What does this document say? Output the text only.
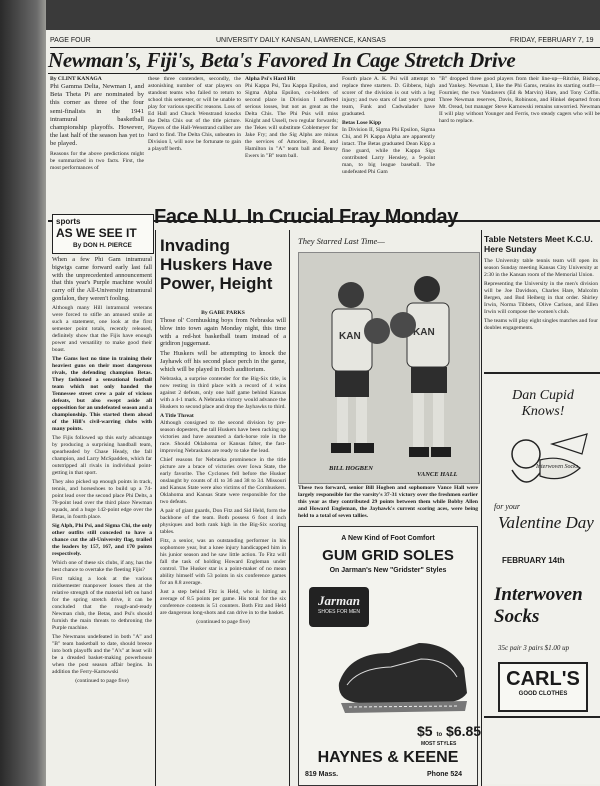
PAGE FOUR	UNIVERSITY DAILY KANSAN, LAWRENCE, KANSAS	FRIDAY, FEBRUARY 7, 19
Newman's, Fiji's, Beta's Favored In Cage Stretch Drive
By CLINT KANAGA

Phi Gamma Delta, Newman I, and Beta Theta Pi are nominated by this corner as three of the four semi-finalists in the 1941 intramural basketball championship playoffs. However, the last half of the season has yet to be played.

Reasons for the above predictions might be summarized in two facts. First, the most performances of

these three contenders, secondly, the astonishing number of star players on standout teams who failed to return to school this semester, or will be unable to play for various specific reasons. Loss of Ed Hall and Chuck Wenstrand knocks the Delta Chis out of the title picture. Players of the Hall-Wenstrand caliber are hard to find. The Delta Chis, unbeaten in Division I, will now be fortunate to gain a playoff berth.

Alpha Psi's Hard Hit

Phi Kappa Psi, Tau Kappa Epsilon, and Sigma Alpha Epsilon, co-holders of second place in Division I suffered serious losses, but not as great as the Delta Chis. The Phi Psis will miss Knight and Ussell, two regular forwards; the Tekes will substitute Coblemeyer for Jake Fry; and the Sig Alphs are minus the services of Amorine, Bond, and Hamilton in "A" team ball and Benny Ewers in "B" team ball.

Fourth place A. K. Psi will attempt to replace three starters. D. Gibbens, high scorer of the division is out with a leg injury; and two stars of last year's great team, Funk and Cadwalader have graduated.

Betas Lose Kipp

In Division II, Sigma Phi Epsilon, Sigma Chi, and Pi Kappa Alpha are apparently intact. The Betas graduated Dean Kipp a fine guard, while the Kappa Sigs contributed Larry Hensley, a 9-point man, to big league baseball. The undefeated Phi Gam

"B" dropped three good players from their line-up—Ritchie, Bishop, and Yankey. Newman I, like the Phi Gams, retains its starting outfit—Fournier, the two Vandavers (Ed & Marvin) Hare, and Tony Coffin. Three Newman reserves, Davis, Robinson, and Hinkel departed from Mt. Oread, but manager Steve Karnowski remains unworried. Newman II will play without Younger and Ferris, two steady cagers who will be hard to replace.

Face N.U. In Crucial Fray Monday
sports
AS WE SEE IT
By DON H. PIERCE

When a few Phi Gam intramural bigwigs came forward early last fall with the unprecedented announcement that this year's Purple machine would carry off the All-University intramural gonfalon, they weren't fooling.

Although many Hill intramural veterans were forced to stifle an amused smile at such a statement, one look at the first semester point totals, recently released, definitely show that the Fijis have enough power and versatility to make good their boast.

The Gams lost no time in training their heaviest guns on their most dangerous rivals, the defending champion Betas. They fashioned a sensational football team which not only handed the Tennessee street crew a pair of vicious defeats, but also swept aside all opposition for an undefeated season and a championship. This started them ahead of the Hill's civil-warring clubs with many points.

The Fijis followed up this early advantage by producing a surprising handball team, spearheaded by Chase Heady, the fall champion, and Larry McSpadden, which far outstripped all rivals in individual point-getting in that sport.

They also picked up enough points in track, tennis, and horseshoes to build up a 74-point lead over the second place Phi Delts, a 78-point lead over the third place Newman squads, and a huge 142-point edge over the Betas, in fourth place.

Sig Alph, Phi Psi, and Sigma Chi, the only other outfits still conceded to have a chance cut the all-University flag, trailed the leaders by 157, 167, and 170 points respectively.

Which one of these six clubs, if any, has the best chance to overtake the fleeting Fijis?

First taking a look at the various midsemester manpower losses then at the relative strength of the material left on hand for the spring stretch drive, it can be concluded that the rough-and-ready Newman club, the Betas, and Psi's should furnish the main threats to dethroning the Purple machine.

The Newmans undefeated in both "A" and "B" team basketball to date, should breeze into both playoffs and the "A's" at least will be a dreaded basket-making powerhouse when the post season affair begins. In addition the Ferry-Karnowski

(continued to page five)

Invading Huskers Have Power, Height
By GABE PARKS

Those ol' Cornhusking boys from Nebraska will blow into town again Monday night, this time with a red-hot basketball team instead of a gridiron juggernaut.

The Huskers will be attempting to knock the Jayhawk off his second place perch in the game, which will be played in Hoch auditorium.

Nebraska, a surprise contender for the Big-Six title, is now resting in third place with a record of 4 wins against 2 defeats, only one half game behind Kansas with a 4-1 mark. A Nebraska victory would advance the Huskers to second place and drop the Jayhawks to third.

A Title Threat

Although consigned to the second division by pre-season dopesters, the tall Huskers have been racking up victories and have assumed a dark-horse role in the race. Should Oklahoma or Kansas falter, the fast-improving Nebraskans are ready to take the lead.

Chief reasons for Nebraska prominence in the title picture are a brace of victories over Iowa State, the early favorite. The Cyclones fell before the Husker onslaught by counts of 41 to 36 and 38 to 34. Missouri and Kansas State were also victims of the Cornhuskers. Oklahoma and Kansas State were responsible for the two defeats.

A pair of giant guards, Don Fitz and Sid Held, form the backbone of the team. Both possess 6 foot 4 inch physiques and both rank high in the Big-Six scoring tables.

Fitz, a senior, was an outstanding performer in his sophomore year, but a knee injury handicapped him in his junior season and he saw little action. To Fitz will fall the task of holding Howard Engleman under control. The Husker star is a point-maker of no mean ability himself with 53 points in six conference games for an 8.8 average.

Just a step behind Fitz is Held, who is hitting an average of 8.5 points per game. His total for the six conference contests is 51 counters. Both Fitz and Held are dangerous long-shots and can drive in to the basket.

(continued to page five)

They Starred Last Time—
KAN	KAN
BILL HOGBEN
VANCE HALL
These two forward, senior Bill Hogben and sophomore Vance Hall were largely responsible for the varsity's 37-31 victory over the freshmen earlier this year as they contributed 29 points between them while Bobby Allen and Howard Engleman, the Jayhawk's current scoring aces, were being held to a total of seven tallies.
A New Kind of Foot Comfort
GUM GRID SOLES
On Jarman's New "Gridster" Styles
Jarman
SHOES FOR MEN
$5 to $6.85
MOST STYLES
HAYNES & KEENE
819 Mass.	Phone 524
Table Netsters Meet K.C.U. Here Sunday

The University table tennis team will open its season Sunday meeting Kansas City University at 2:30 in the Kansan room of the Memorial Union.

Representing the University in the men's division will be Joe Davidson, Charles Hare, Malcolm Bergen, and Bud Heiberg in that order. Shirley Irwin, Norma Tibbets, Olive Carlson, and Ellen Irwin will compose the women's club.

The teams will play eight singles matches and four doubles engagements.

Dan Cupid Knows!
Interwoven Socks
for your
Valentine Day
FEBRUARY 14th
Interwoven Socks
35c pair 3 pairs $1.00 up
CARL'S
GOOD CLOTHES
